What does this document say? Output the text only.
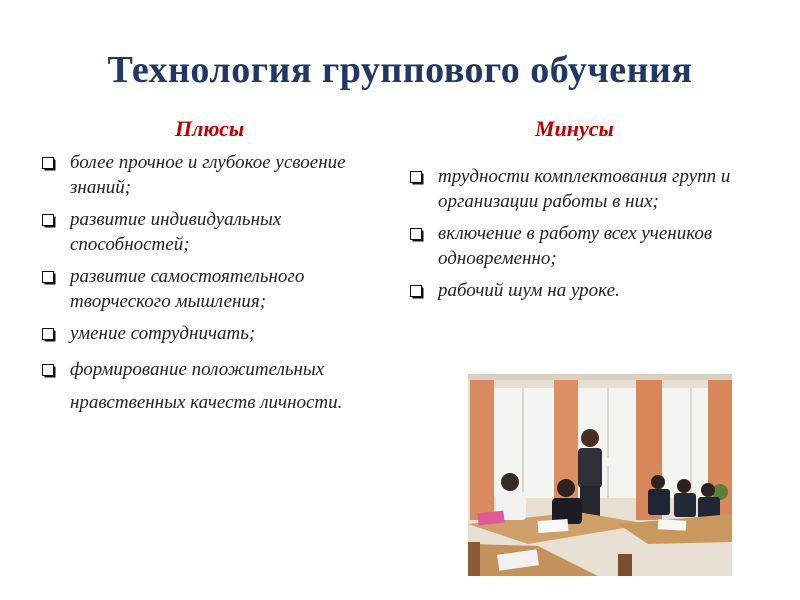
Технология группового обучения
Плюсы	Минусы
более прочное и глубокое усвоение знаний;
развитие индивидуальных способностей;
развитие самостоятельного творческого мышления;
умение сотрудничать;
формирование положительных нравственных качеств личности.
трудности комплектования групп и организации работы в них;
включение в работу всех учеников одновременно;
рабочий шум на уроке.
